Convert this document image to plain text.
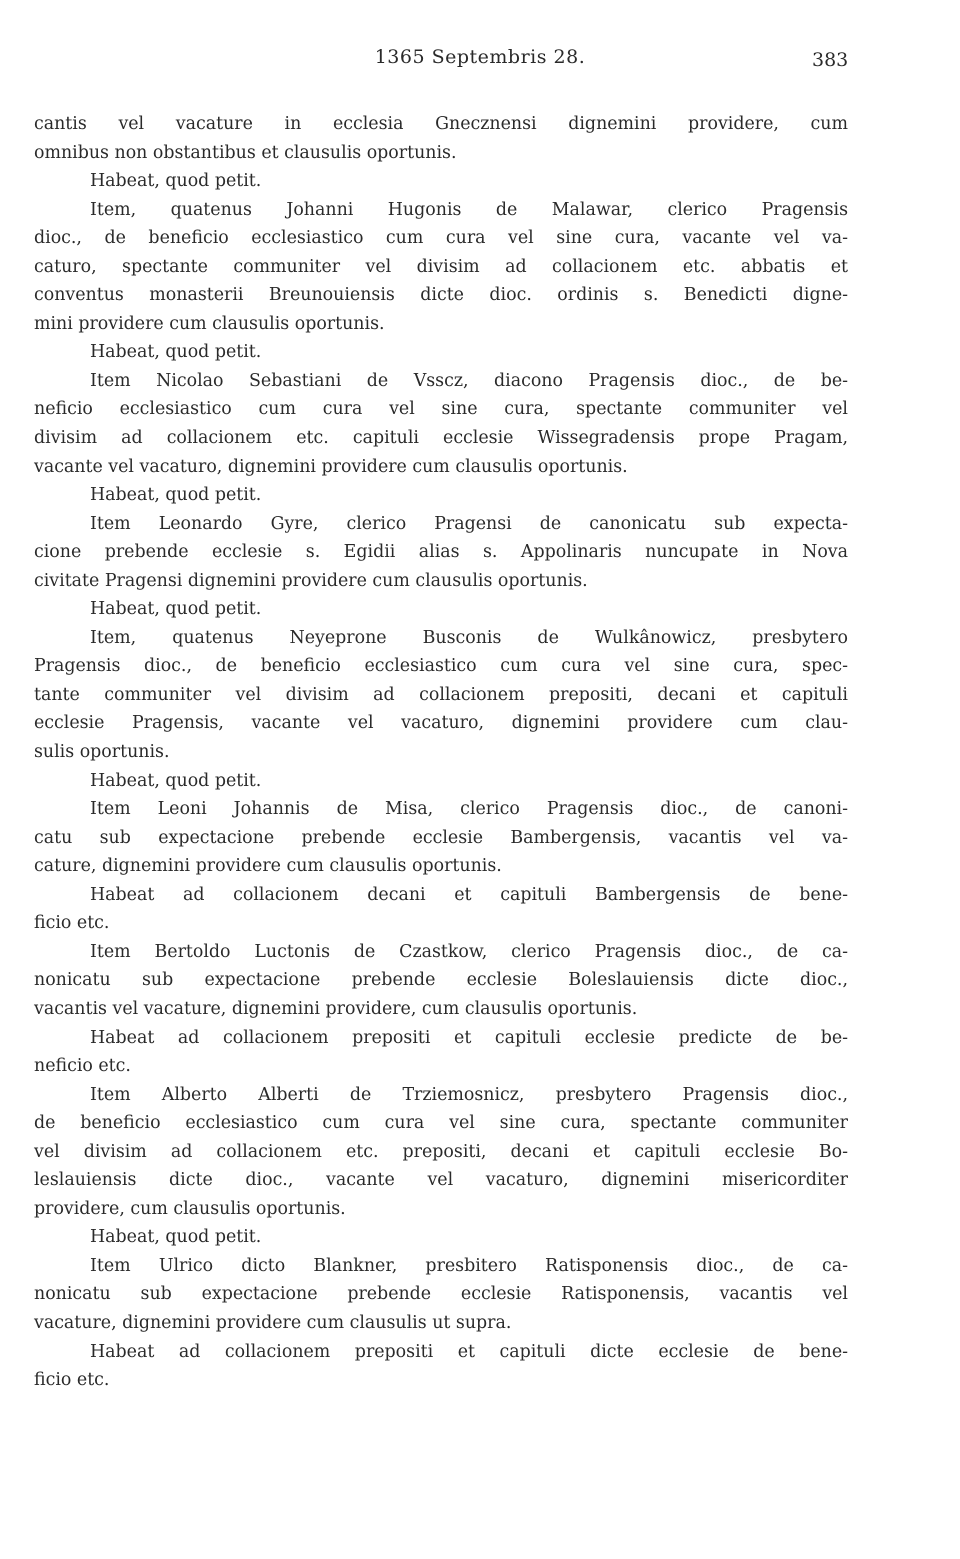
1365 Septembris 28.	383
cantis vel vacature in ecclesia Gnecznensi dignemini providere, cum
omnibus non obstantibus et clausulis oportunis.
Habeat, quod petit.
Item, quatenus Johanni Hugonis de Malawar, clerico Pragensis
dioc., de beneficio ecclesiastico cum cura vel sine cura, vacante vel va-
caturo, spectante communiter vel divisim ad collacionem etc. abbatis et
conventus monasterii Breunouiensis dicte dioc. ordinis s. Benedicti digne-
mini providere cum clausulis oportunis.
Habeat, quod petit.
Item Nicolao Sebastiani de Vsscz, diacono Pragensis dioc., de be-
neficio ecclesiastico cum cura vel sine cura, spectante communiter vel
divisim ad collacionem etc. capituli ecclesie Wissegradensis prope Pragam,
vacante vel vacaturo, dignemini providere cum clausulis oportunis.
Habeat, quod petit.
Item Leonardo Gyre, clerico Pragensi de canonicatu sub expecta-
cione prebende ecclesie s. Egidii alias s. Appolinaris nuncupate in Nova
civitate Pragensi dignemini providere cum clausulis oportunis.
Habeat, quod petit.
Item, quatenus Neyeprone Busconis de Wulkânowicz, presbytero
Pragensis dioc., de beneficio ecclesiastico cum cura vel sine cura, spec-
tante communiter vel divisim ad collacionem prepositi, decani et capituli
ecclesie Pragensis, vacante vel vacaturo, dignemini providere cum clau-
sulis oportunis.
Habeat, quod petit.
Item Leoni Johannis de Misa, clerico Pragensis dioc., de canoni-
catu sub expectacione prebende ecclesie Bambergensis, vacantis vel va-
cature, dignemini providere cum clausulis oportunis.
Habeat ad collacionem decani et capituli Bambergensis de bene-
ficio etc.
Item Bertoldo Luctonis de Czastkow, clerico Pragensis dioc., de ca-
nonicatu sub expectacione prebende ecclesie Boleslauiensis dicte dioc.,
vacantis vel vacature, dignemini providere, cum clausulis oportunis.
Habeat ad collacionem prepositi et capituli ecclesie predicte de be-
neficio etc.
Item Alberto Alberti de Trziemosnicz, presbytero Pragensis dioc.,
de beneficio ecclesiastico cum cura vel sine cura, spectante communiter
vel divisim ad collacionem etc. prepositi, decani et capituli ecclesie Bo-
leslauiensis dicte dioc., vacante vel vacaturo, dignemini misericorditer
providere, cum clausulis oportunis.
Habeat, quod petit.
Item Ulrico dicto Blankner, presbitero Ratisponensis dioc., de ca-
nonicatu sub expectacione prebende ecclesie Ratisponensis, vacantis vel
vacature, dignemini providere cum clausulis ut supra.
Habeat ad collacionem prepositi et capituli dicte ecclesie de bene-
ficio etc.
